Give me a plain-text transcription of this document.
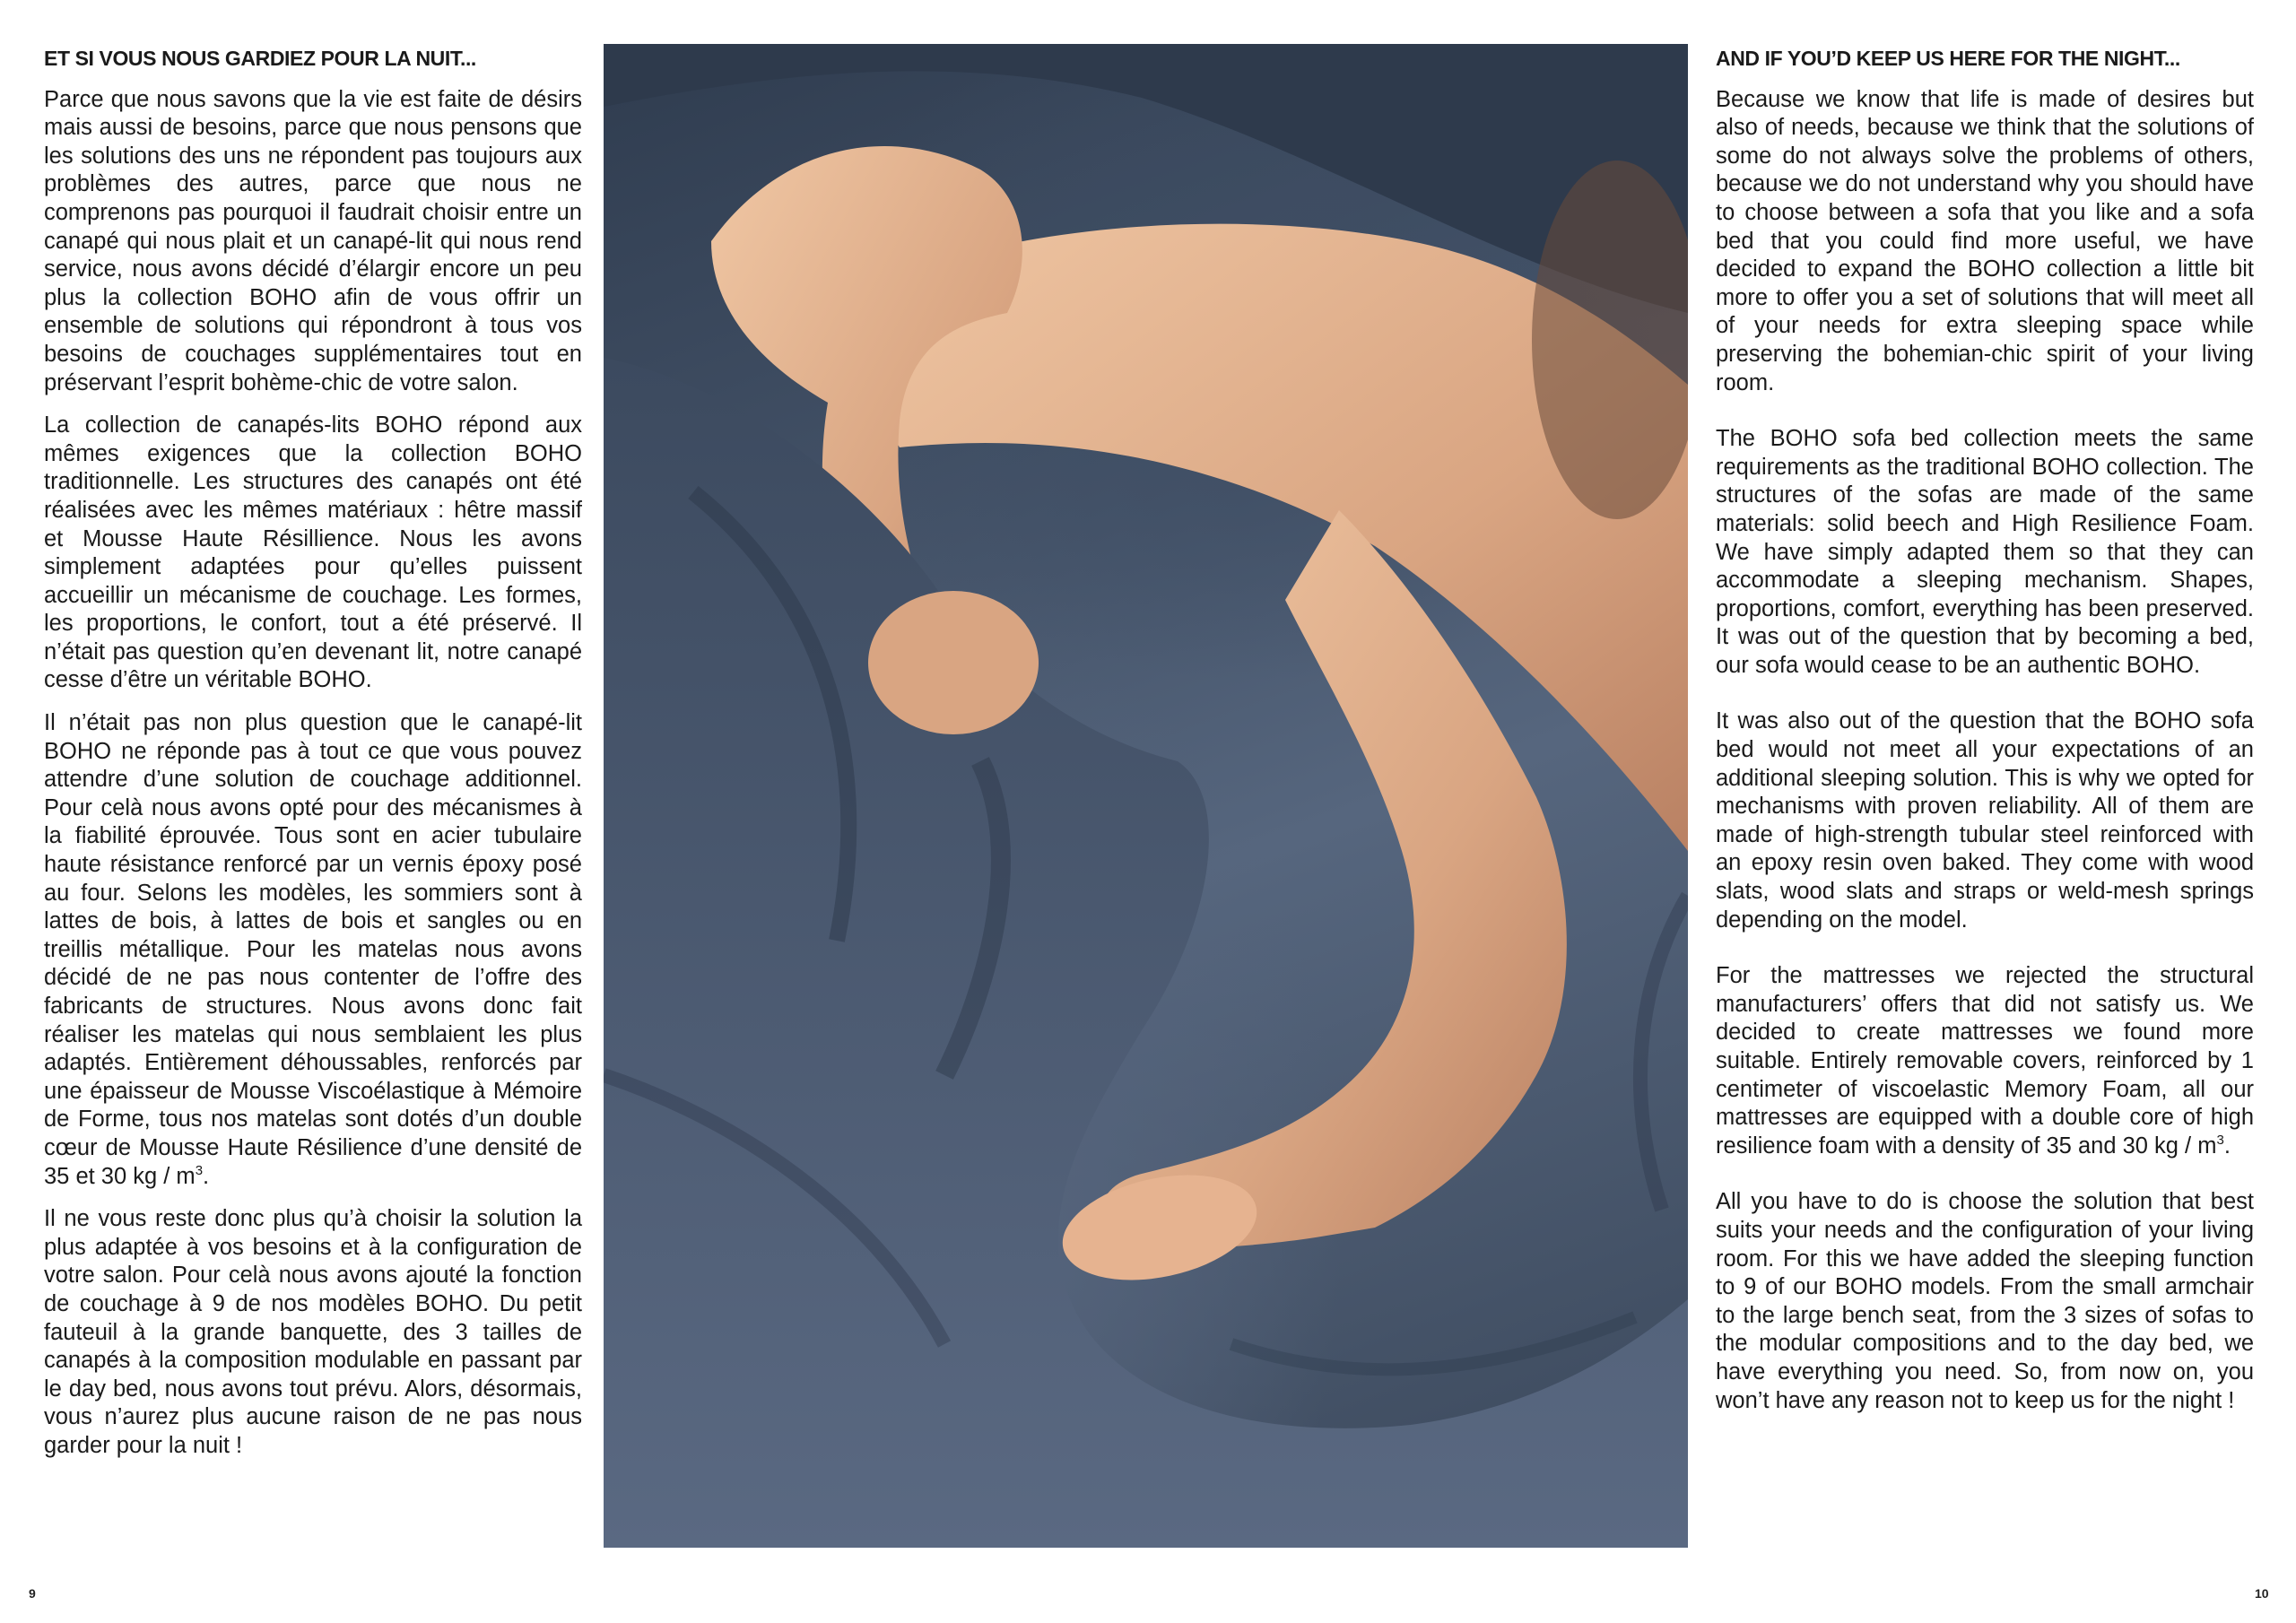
ET SI VOUS NOUS GARDIEZ POUR LA NUIT...

Parce que nous savons que la vie est faite de désirs mais aussi de besoins, parce que nous pensons que les solutions des uns ne répondent pas toujours aux problèmes des autres, parce que nous ne comprenons pas pourquoi il faudrait choisir entre un canapé qui nous plait et un canapé-lit qui nous rend service, nous avons décidé d’élargir encore un peu plus la collection BOHO afin de vous offrir un ensemble de solutions qui répondront à tous vos besoins de couchages supplémentaires tout en préservant l’esprit bohème-chic de votre salon.

La collection de canapés-lits BOHO répond aux mêmes exigences que la collection BOHO traditionnelle. Les structures des canapés ont été réalisées avec les mêmes matériaux : hêtre massif et Mousse Haute Résillience. Nous les avons simplement adaptées pour qu’elles puissent accueillir un mécanisme de couchage. Les formes, les proportions, le confort, tout a été préservé. Il n’était pas question qu’en devenant lit, notre canapé cesse d’être un véritable BOHO.

Il n’était pas non plus question que le canapé-lit BOHO ne réponde pas à tout ce que vous pouvez attendre d’une solution de couchage additionnel. Pour celà nous avons opté pour des mécanismes à la fiabilité éprouvée. Tous sont en acier tubulaire haute résistance renforcé par un vernis époxy posé au four. Selons les modèles, les sommiers sont à lattes de bois, à lattes de bois et sangles ou en treillis métallique. Pour les matelas nous avons décidé de ne pas nous contenter de l’offre des fabricants de structures. Nous avons donc fait réaliser les matelas qui nous semblaient les plus adaptés. Entièrement déhoussables, renforcés par une épaisseur de Mousse Viscoélastique à Mémoire de Forme, tous nos matelas sont dotés d’un double cœur de Mousse Haute Résilience d’une densité de 35 et 30 kg / $m^3$.

Il ne vous reste donc plus qu’à choisir la solution la plus adaptée à vos besoins et à la configuration de votre salon. Pour celà nous avons ajouté la fonction de couchage à 9 de nos modèles BOHO. Du petit fauteuil à la grande banquette, des 3 tailles de canapés à la composition modulable en passant par le day bed, nous avons tout prévu. Alors, désormais, vous n’aurez plus aucune raison de ne pas nous garder pour la nuit !

AND IF YOU’D KEEP US HERE FOR THE NIGHT...

Because we know that life is made of desires but also of needs, because we think that the solutions of some do not always solve the problems of others, because we do not understand why you should have to choose between a sofa that you like and a sofa bed that you could find more useful, we have decided to expand the BOHO collection a little bit more to offer you a set of solutions that will meet all of your needs for extra sleeping space while preserving the bohemian-chic spirit of your living room.

The BOHO sofa bed collection meets the same requirements as the traditional BOHO collection. The structures of the sofas are made of the same materials: solid beech and High Resilience Foam. We have simply adapted them so that they can accommodate a sleeping mechanism. Shapes, proportions, comfort, everything has been preserved. It was out of the question that by becoming a bed, our sofa would cease to be an authentic BOHO.

It was also out of the question that the BOHO sofa bed would not meet all your expectations of an additional sleeping solution. This is why we opted for mechanisms with proven reliability. All of them are made of high-strength tubular steel reinforced with an epoxy resin oven baked. They come with wood slats, wood slats and straps or weld-mesh springs depending on the model.

For the mattresses we rejected the structural manufacturers’ offers that did not satisfy us. We decided to create mattresses we found more suitable. Entirely removable covers, reinforced by 1 centimeter of viscoelastic Memory Foam, all our mattresses are equipped with a double core of high resilience foam with a density of 35 and 30 kg / $m^3$.

All you have to do is choose the solution that best suits your needs and the configuration of your living room. For this we have added the sleeping function to 9 of our BOHO models. From the small armchair to the large bench seat, from the 3 sizes of sofas to the modular compositions and to the day bed, we have everything you need. So, from now on, you won’t have any reason not to keep us for the night !

9	10
